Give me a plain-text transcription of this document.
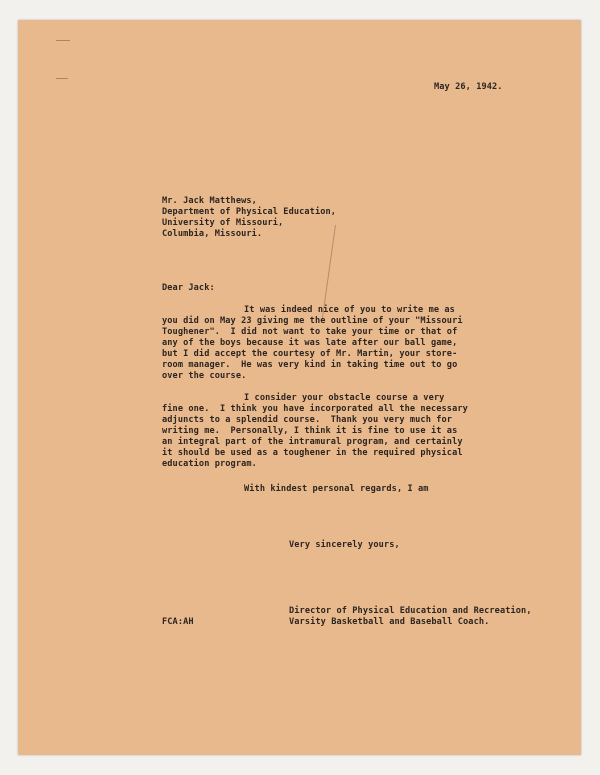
May 26, 1942.

Mr. Jack Matthews,

Department of Physical Education,

University of Missouri,

Columbia, Missouri.

Dear Jack:

It was indeed nice of you to write me as

you did on May 23 giving me the outline of your "Missouri

Toughener".  I did not want to take your time or that of

any of the boys because it was late after our ball game,

but I did accept the courtesy of Mr. Martin, your store-

room manager.  He was very kind in taking time out to go

over the course.

I consider your obstacle course a very

fine one.  I think you have incorporated all the necessary

adjuncts to a splendid course.  Thank you very much for

writing me.  Personally, I think it is fine to use it as

an integral part of the intramural program, and certainly

it should be used as a toughener in the required physical

education program.

With kindest personal regards, I am

Very sincerely yours,

Director of Physical Education and Recreation,

Varsity Basketball and Baseball Coach.

FCA:AH
